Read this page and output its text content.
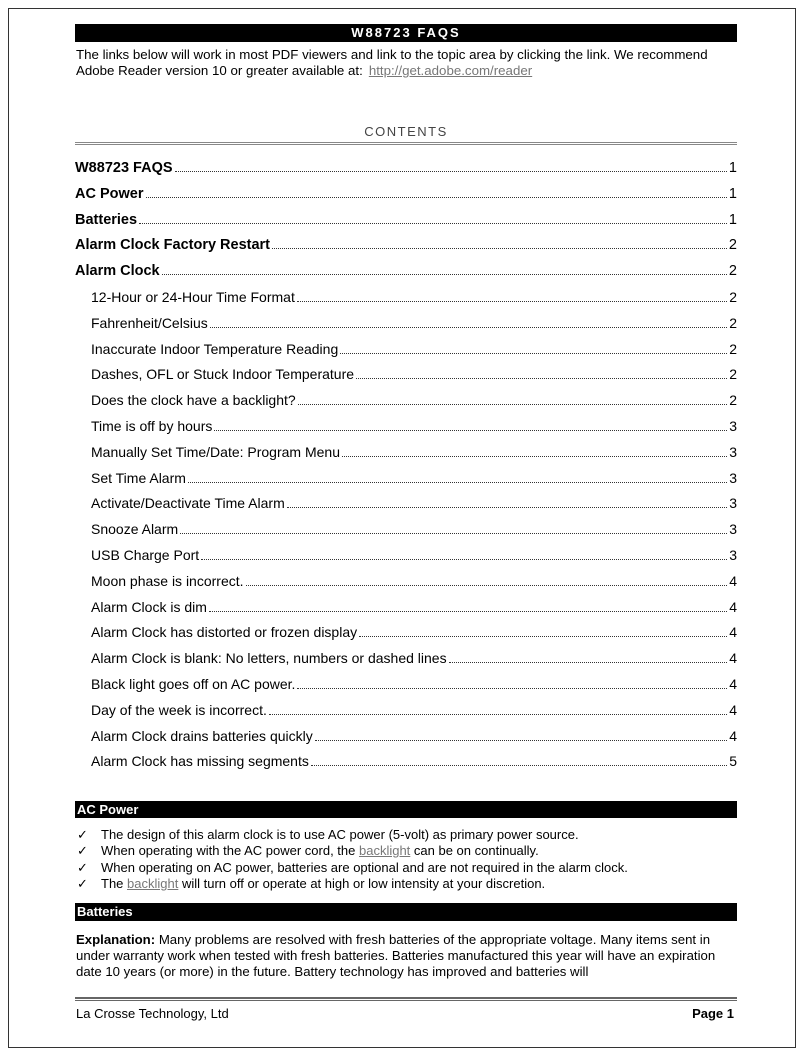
W88723 FAQS
The links below will work in most PDF viewers and link to the topic area by clicking the link. We recommend Adobe Reader version 10 or greater available at: http://get.adobe.com/reader
CONTENTS
W88723 FAQS	1
AC Power	1
Batteries	1
Alarm Clock Factory Restart	2
Alarm Clock	2
12-Hour or 24-Hour Time Format	2
Fahrenheit/Celsius	2
Inaccurate Indoor Temperature Reading	2
Dashes, OFL or Stuck Indoor Temperature	2
Does the clock have a backlight?	2
Time is off by hours	3
Manually Set Time/Date: Program Menu	3
Set Time Alarm	3
Activate/Deactivate Time Alarm	3
Snooze Alarm	3
USB Charge Port	3
Moon phase is incorrect.	4
Alarm Clock is dim	4
Alarm Clock has distorted or frozen display	4
Alarm Clock is blank: No letters, numbers or dashed lines	4
Black light goes off on AC power.	4
Day of the week is incorrect.	4
Alarm Clock drains batteries quickly	4
Alarm Clock has missing segments	5
AC Power
✓ The design of this alarm clock is to use AC power (5-volt) as primary power source.
✓ When operating with the AC power cord, the backlight can be on continually.
✓ When operating on AC power, batteries are optional and are not required in the alarm clock.
✓ The backlight will turn off or operate at high or low intensity at your discretion.
Batteries
Explanation: Many problems are resolved with fresh batteries of the appropriate voltage. Many items sent in under warranty work when tested with fresh batteries. Batteries manufactured this year will have an expiration date 10 years (or more) in the future. Battery technology has improved and batteries will
La Crosse Technology, Ltd	Page 1
